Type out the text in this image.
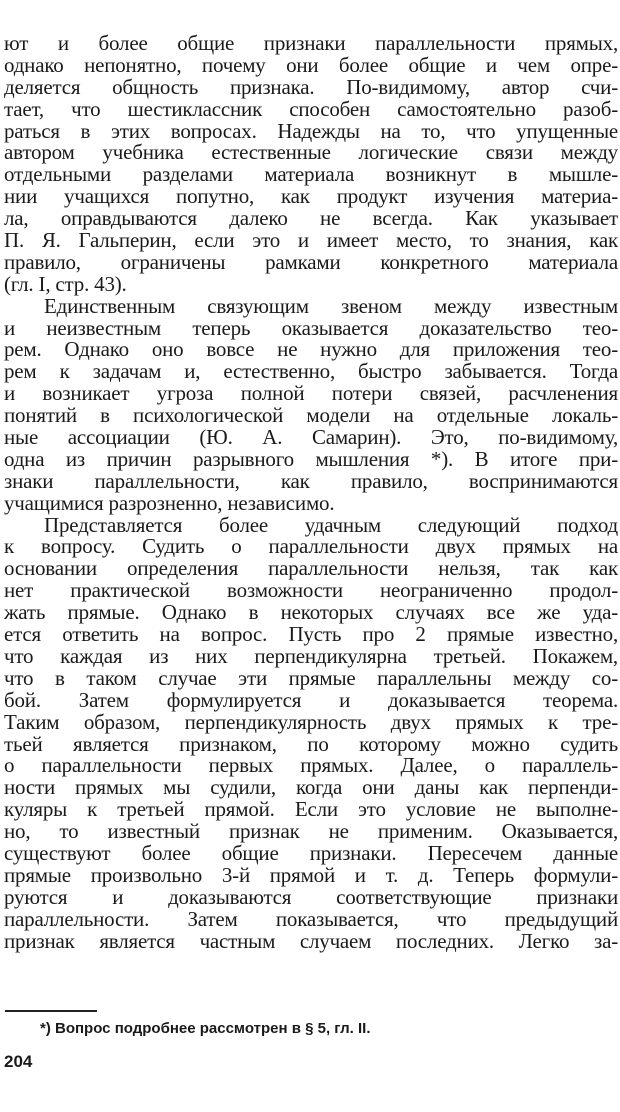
ют и более общие признаки параллельности прямых,
однако непонятно, почему они более общие и чем опре-
деляется общность признака. По-видимому, автор счи-
тает, что шестиклассник способен самостоятельно разоб-
раться в этих вопросах. Надежды на то, что упущенные
автором учебника естественные логические связи между
отдельными разделами материала возникнут в мышле-
нии учащихся попутно, как продукт изучения материа-
ла, оправдываются далеко не всегда. Как указывает
П. Я. Гальперин, если это и имеет место, то знания, как
правило, ограничены рамками конкретного материала
(гл. I, стр. 43).
Единственным связующим звеном между известным
и неизвестным теперь оказывается доказательство тео-
рем. Однако оно вовсе не нужно для приложения тео-
рем к задачам и, естественно, быстро забывается. Тогда
и возникает угроза полной потери связей, расчленения
понятий в психологической модели на отдельные локаль-
ные ассоциации (Ю. А. Самарин). Это, по-видимому,
одна из причин разрывного мышления *). В итоге при-
знаки параллельности, как правило, воспринимаются
учащимися разрозненно, независимо.
Представляется более удачным следующий подход
к вопросу. Судить о параллельности двух прямых на
основании определения параллельности нельзя, так как
нет практической возможности неограниченно продол-
жать прямые. Однако в некоторых случаях все же уда-
ется ответить на вопрос. Пусть про 2 прямые известно,
что каждая из них перпендикулярна третьей. Покажем,
что в таком случае эти прямые параллельны между со-
бой. Затем формулируется и доказывается теорема.
Таким образом, перпендикулярность двух прямых к тре-
тьей является признаком, по которому можно судить
о параллельности первых прямых. Далее, о параллель-
ности прямых мы судили, когда они даны как перпенди-
куляры к третьей прямой. Если это условие не выполне-
но, то известный признак не применим. Оказывается,
существуют более общие признаки. Пересечем данные
прямые произвольно 3-й прямой и т. д. Теперь формули-
руются и доказываются соответствующие признаки
параллельности. Затем показывается, что предыдущий
признак является частным случаем последних. Легко за-
*) Вопрос подробнее рассмотрен в § 5, гл. II.
204
